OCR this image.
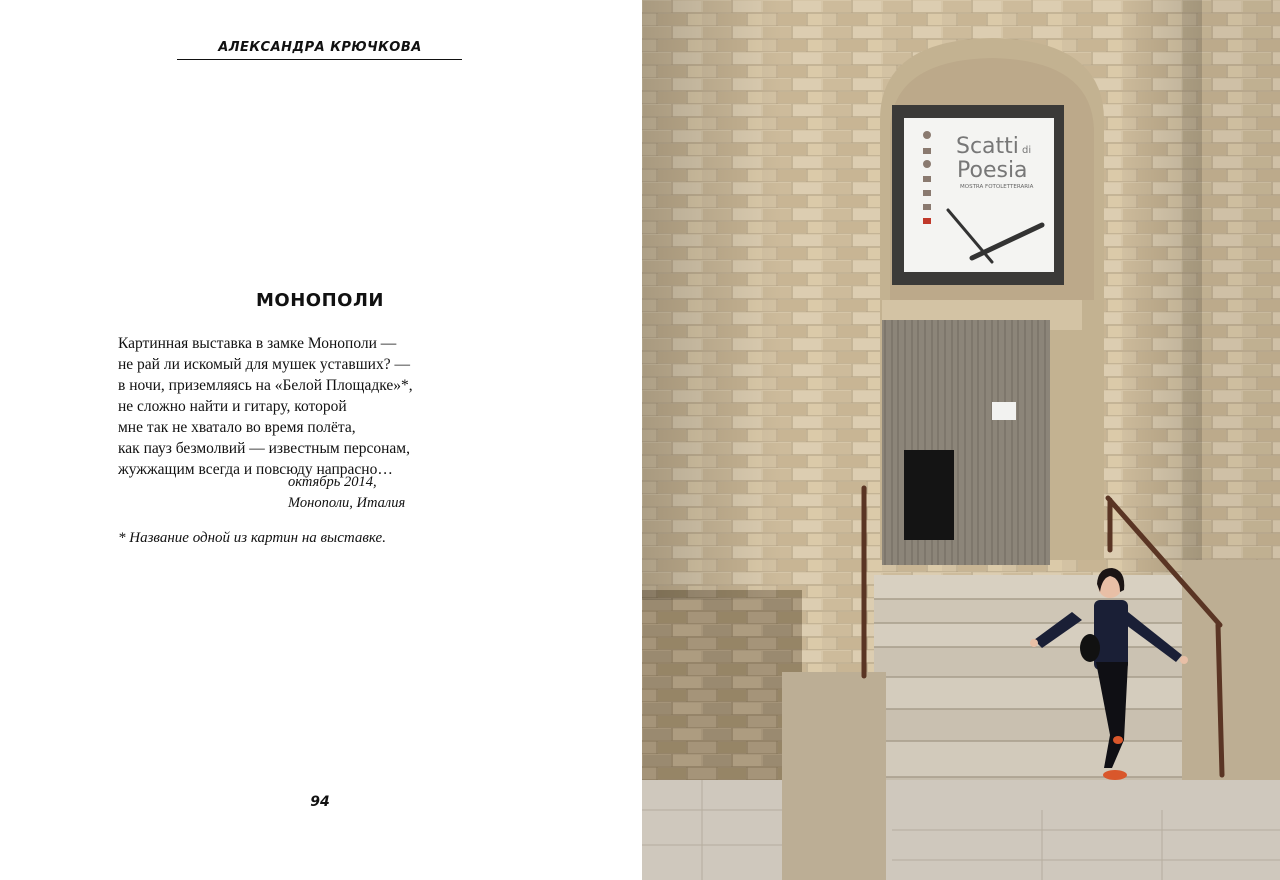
АЛЕКСАНДРА КРЮЧКОВА
МОНОПОЛИ
Картинная выставка в замке Монополи —
не рай ли искомый для мушек уставших? —
в ночи, приземляясь на «Белой Площадке»*,
не сложно найти и гитару, которой
мне так не хватало во время полёта,
как пауз безмолвий — известным персонам,
жужжащим всегда и повсюду напрасно…
октябрь 2014,
Монополи, Италия
* Название одной из картин на выставке.
94
Scatti di
Poesia
MOSTRA FOTOLETTERARIA
